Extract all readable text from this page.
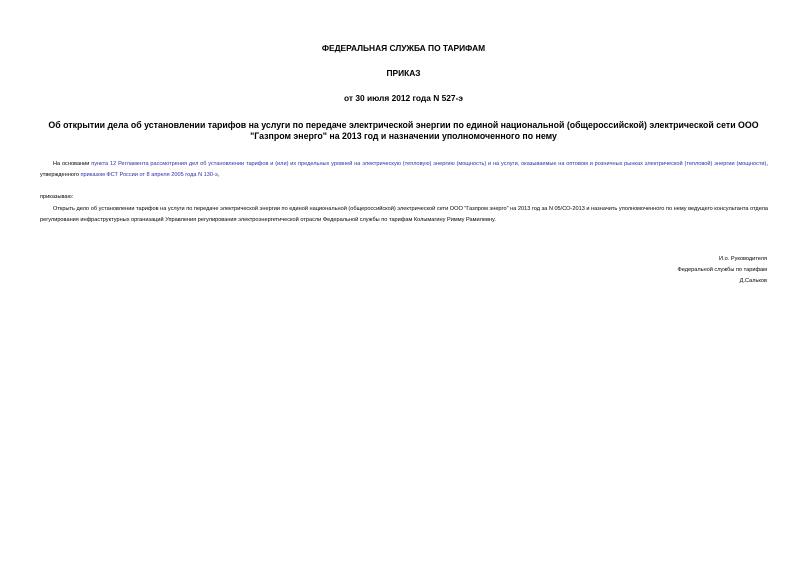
ФЕДЕРАЛЬНАЯ СЛУЖБА ПО ТАРИФАМ
ПРИКАЗ
от 30 июля 2012 года N 527-э
Об открытии дела об установлении тарифов на услуги по передаче электрической энергии по единой национальной (общероссийской) электрической сети ООО
"Газпром энерго" на 2013 год и назначении уполномоченного по нему
На основании пункта 12 Регламента рассмотрения дел об установлении тарифов и (или) их предельных уровней на электрическую (тепловую) энергию (мощность) и на услуги, оказываемые на оптовом и розничных рынках электрической (тепловой) энергии (мощности), утвержденного приказом ФСТ России от 8 апреля 2005 года N 130-э,
приказываю:
Открыть дело об установлении тарифов на услуги по передаче электрической энергии по единой национальной (общероссийской) электрической сети ООО "Газпром энерго" на 2013 год за N 05/СО-2013 и назначить уполномоченного по нему ведущего консультанта отдела регулирования инфраструктурных организаций Управления регулирования электроэнергетической отрасли Федеральной службы по тарифам Колымагину Римму Рамилевну.
И.о. Руководителя
Федеральной службы по тарифам
Д.Сальков
